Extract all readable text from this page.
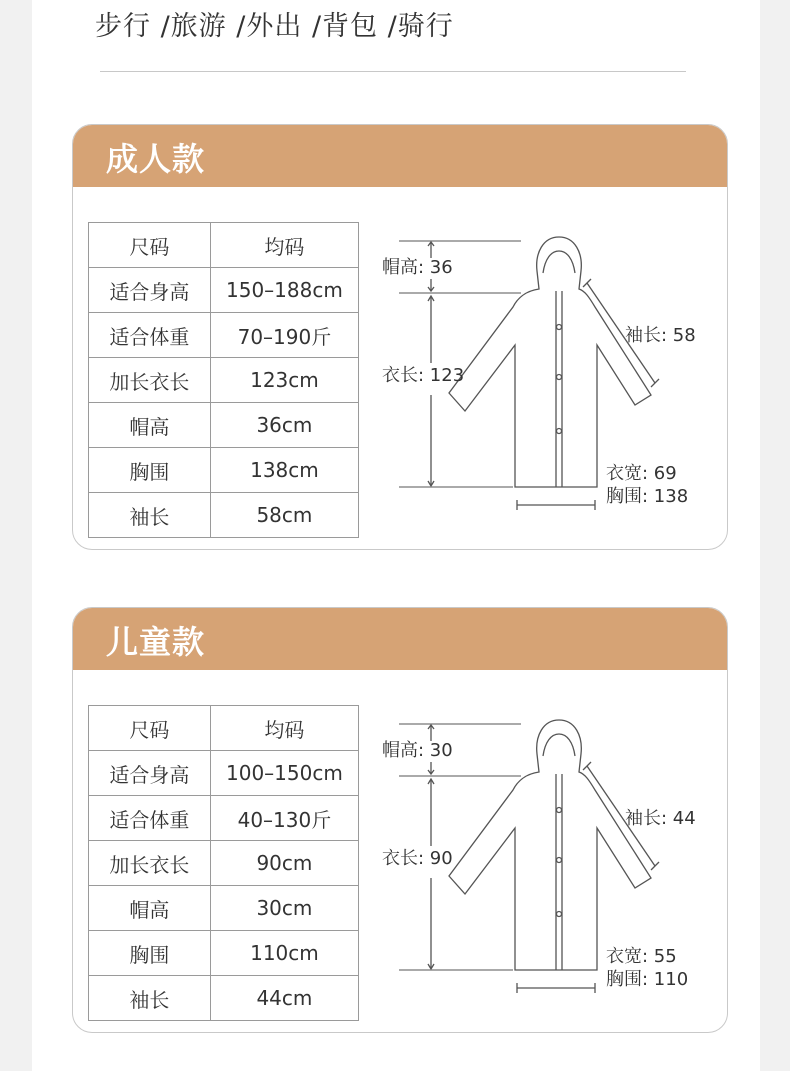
步行 /旅游 /外出 /背包 /骑行
成人款
尺码	均码
适合身高	150–188cm
适合体重	70–190斤
加长衣长	123cm
帽高	36cm
胸围	138cm
袖长	58cm
帽高: 36
衣长: 123
袖长: 58
衣宽: 69
胸围: 138
儿童款
尺码	均码
适合身高	100–150cm
适合体重	40–130斤
加长衣长	90cm
帽高	30cm
胸围	110cm
袖长	44cm
帽高: 30
衣长: 90
袖长: 44
衣宽: 55
胸围: 110
